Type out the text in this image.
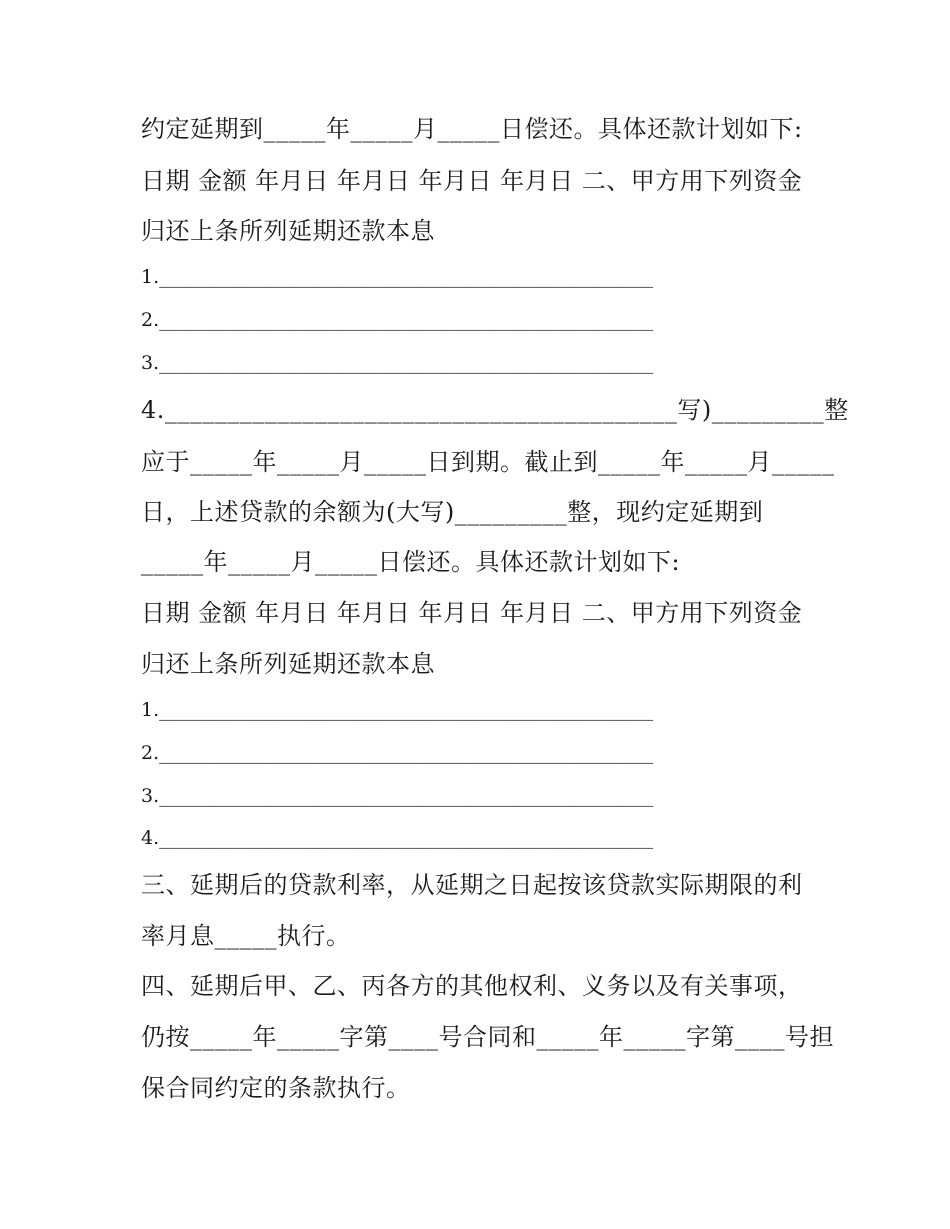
约定延期到_____年_____月_____日偿还。具体还款计划如下:
日期 金额 年月日 年月日 年月日 年月日 二、甲方用下列资金
归还上条所列延期还款本息
1.____________________________________________________
2.____________________________________________________
3.____________________________________________________
4._________________________________________写)_________整
应于_____年_____月_____日到期。截止到_____年_____月_____
日，上述贷款的余额为(大写)_________整，现约定延期到
_____年_____月_____日偿还。具体还款计划如下:
日期 金额 年月日 年月日 年月日 年月日 二、甲方用下列资金
归还上条所列延期还款本息
1.____________________________________________________
2.____________________________________________________
3.____________________________________________________
4.____________________________________________________
三、延期后的贷款利率，从延期之日起按该贷款实际期限的利
率月息_____执行。
四、延期后甲、乙、丙各方的其他权利、义务以及有关事项，
仍按_____年_____字第____号合同和_____年_____字第____号担
保合同约定的条款执行。
